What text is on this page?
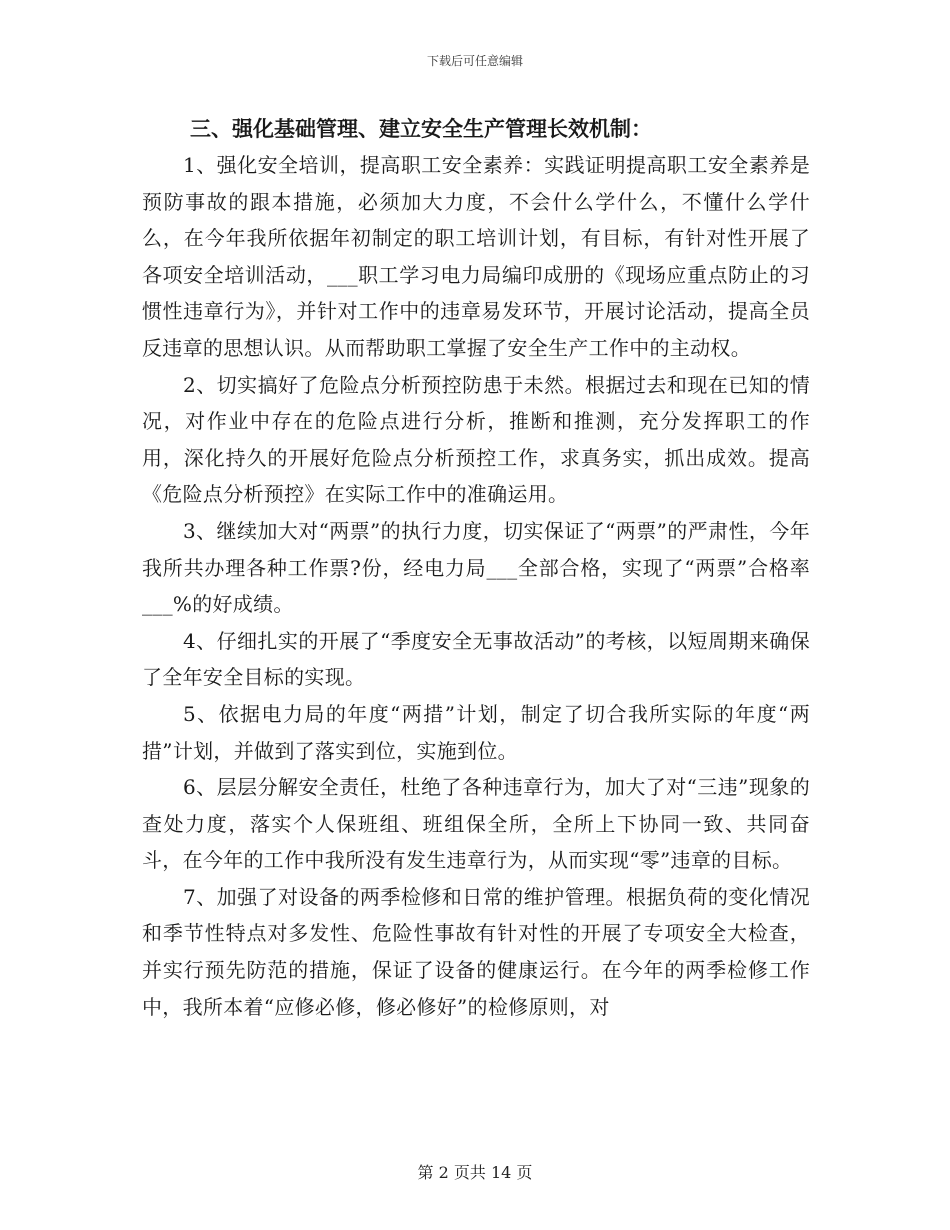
下载后可任意编辑

三、强化基础管理、建立安全生产管理长效机制：

1、强化安全培训，提高职工安全素养：实践证明提高职工安全素养是预防事故的跟本措施，必须加大力度，不会什么学什么，不懂什么学什么，在今年我所依据年初制定的职工培训计划，有目标，有针对性开展了各项安全培训活动，___职工学习电力局编印成册的《现场应重点防止的习惯性违章行为》，并针对工作中的违章易发环节，开展讨论活动，提高全员反违章的思想认识。从而帮助职工掌握了安全生产工作中的主动权。

2、切实搞好了危险点分析预控防患于未然。根据过去和现在已知的情况，对作业中存在的危险点进行分析，推断和推测，充分发挥职工的作用，深化持久的开展好危险点分析预控工作，求真务实，抓出成效。提高《危险点分析预控》在实际工作中的准确运用。

3、继续加大对“两票”的执行力度，切实保证了“两票”的严肃性，今年我所共办理各种工作票?份，经电力局___全部合格，实现了“两票”合格率___%的好成绩。

4、仔细扎实的开展了“季度安全无事故活动”的考核，以短周期来确保了全年安全目标的实现。

5、依据电力局的年度“两措”计划，制定了切合我所实际的年度“两措”计划，并做到了落实到位，实施到位。

6、层层分解安全责任，杜绝了各种违章行为，加大了对“三违”现象的查处力度，落实个人保班组、班组保全所，全所上下协同一致、共同奋斗，在今年的工作中我所没有发生违章行为，从而实现“零”违章的目标。

7、加强了对设备的两季检修和日常的维护管理。根据负荷的变化情况和季节性特点对多发性、危险性事故有针对性的开展了专项安全大检查，并实行预先防范的措施，保证了设备的健康运行。在今年的两季检修工作中，我所本着“应修必修，修必修好”的检修原则，对

第 2 页共 14 页
